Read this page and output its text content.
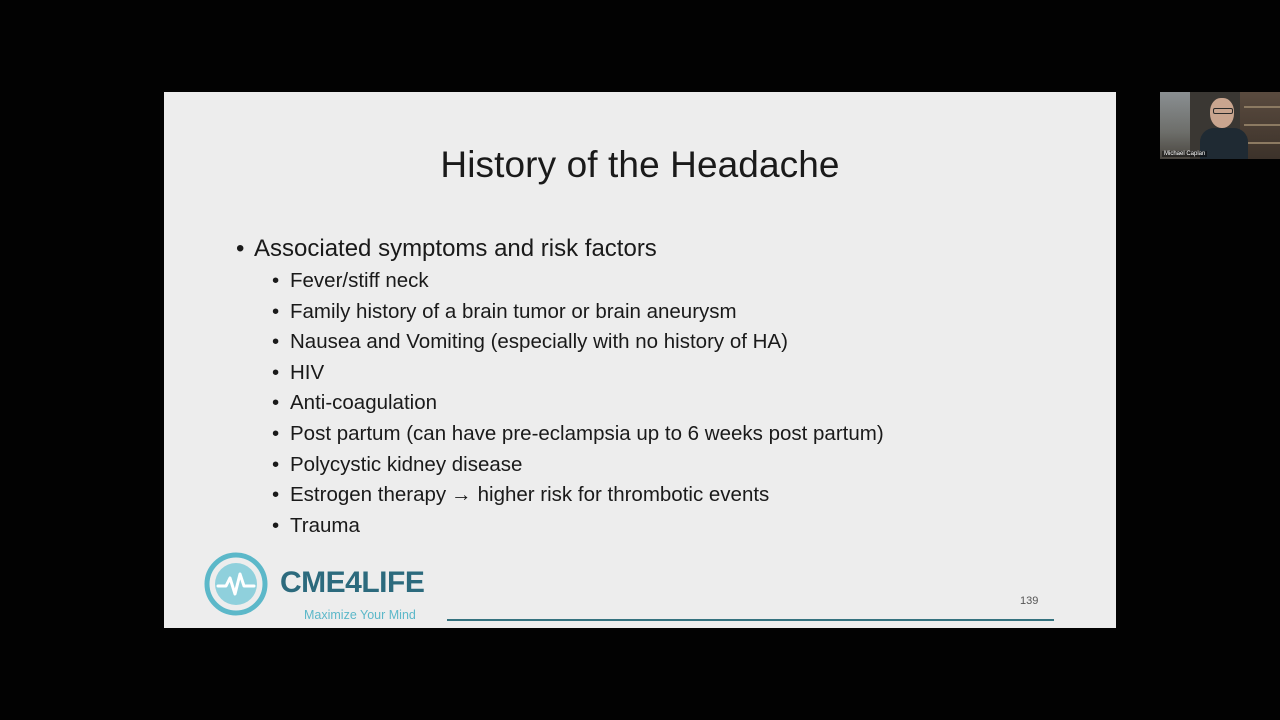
History of the Headache
• Associated symptoms and risk factors
• Fever/stiff neck
• Family history of a brain tumor or brain aneurysm
• Nausea and Vomiting (especially with no history of HA)
• HIV
• Anti-coagulation
• Post partum (can have pre-eclampsia up to 6 weeks post partum)
• Polycystic kidney disease
• Estrogen therapy → higher risk for thrombotic events
• Trauma
CME4LIFE
Maximize Your Mind
139
Michael Caplan
